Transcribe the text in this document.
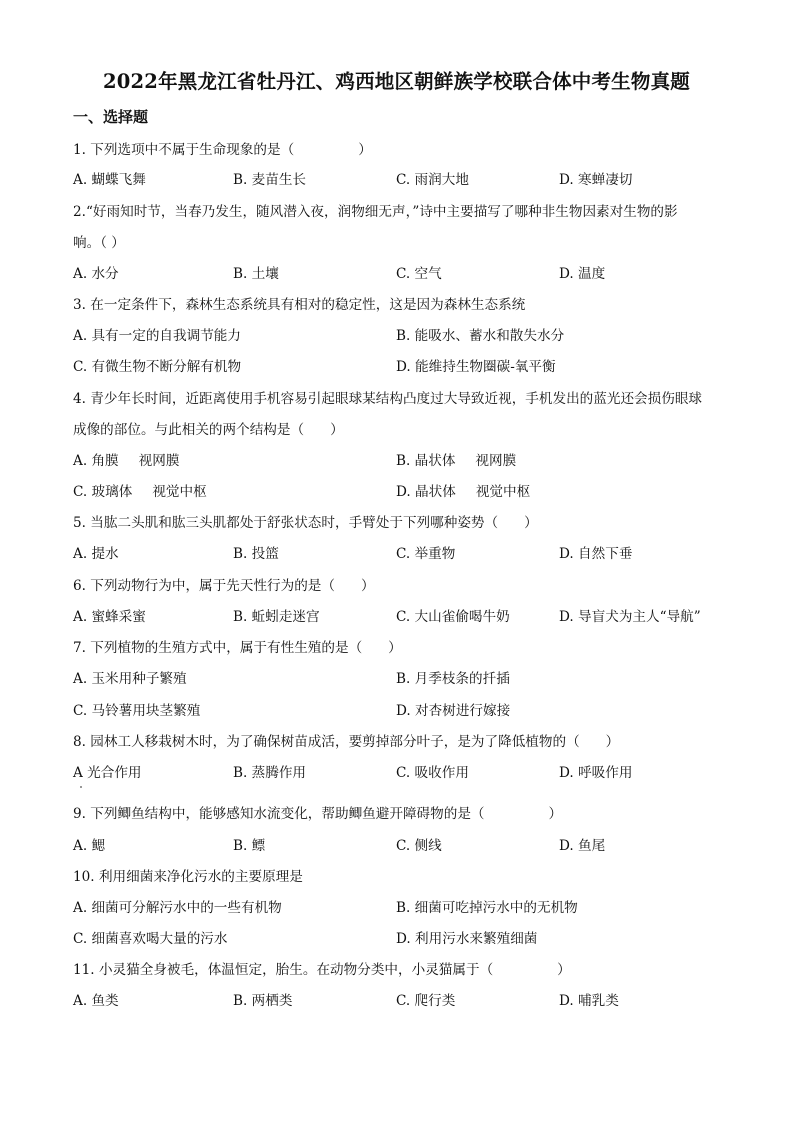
2022年黑龙江省牡丹江、鸡西地区朝鲜族学校联合体中考生物真题
一、选择题
1. 下列选项中不属于生命现象的是（	）
A. 蝴蝶飞舞	B. 麦苗生长	C. 雨润大地	D. 寒蝉凄切
2.“好雨知时节，当春乃发生，随风潜入夜，润物细无声，”诗中主要描写了哪种非生物因素对生物的影
响。（ ）
A. 水分	B. 土壤	C. 空气	D. 温度
3. 在一定条件下，森林生态系统具有相对的稳定性，这是因为森林生态系统
A. 具有一定的自我调节能力	B. 能吸水、蓄水和散失水分
C. 有微生物不断分解有机物	D. 能维持生物圈碳-氧平衡
4. 青少年长时间，近距离使用手机容易引起眼球某结构凸度过大导致近视，手机发出的蓝光还会损伤眼球
成像的部位。与此相关的两个结构是（ ）
A. 角膜 视网膜	B. 晶状体 视网膜
C. 玻璃体 视觉中枢	D. 晶状体 视觉中枢
5. 当肱二头肌和肱三头肌都处于舒张状态时，手臂处于下列哪种姿势（ ）
A. 提水	B. 投篮	C. 举重物	D. 自然下垂
6. 下列动物行为中，属于先天性行为的是（ ）
A. 蜜蜂采蜜	B. 蚯蚓走迷宫	C. 大山雀偷喝牛奶	D. 导盲犬为主人“导航”
7. 下列植物的生殖方式中，属于有性生殖的是（ ）
A. 玉米用种子繁殖	B. 月季枝条的扦插
C. 马铃薯用块茎繁殖	D. 对杏树进行嫁接
8. 园林工人移栽树木时，为了确保树苗成活，要剪掉部分叶子，是为了降低植物的（ ）
A 光合作用	B. 蒸腾作用	C. 吸收作用	D. 呼吸作用
9. 下列鲫鱼结构中，能够感知水流变化，帮助鲫鱼避开障碍物的是（	）
A. 鳃	B. 鳔	C. 侧线	D. 鱼尾
10. 利用细菌来净化污水的主要原理是
A. 细菌可分解污水中的一些有机物	B. 细菌可吃掉污水中的无机物
C. 细菌喜欢喝大量的污水	D. 利用污水来繁殖细菌
11. 小灵猫全身被毛，体温恒定，胎生。在动物分类中，小灵猫属于（	）
A. 鱼类	B. 两栖类	C. 爬行类	D. 哺乳类
